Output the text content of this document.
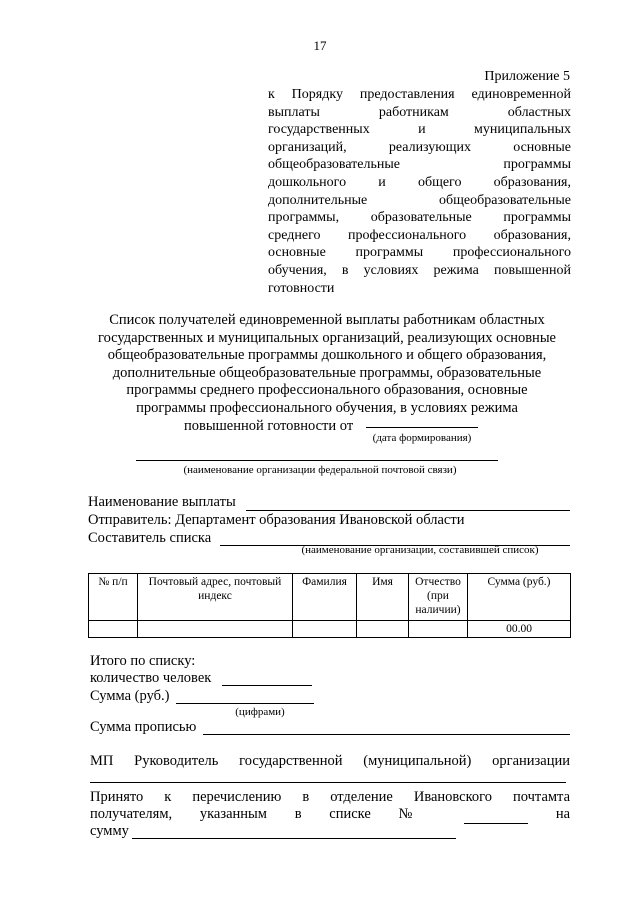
17
Приложение 5
к Порядку предоставления единовременной
выплаты работникам областных
государственных и муниципальных
организаций, реализующих основные
общеобразовательные программы
дошкольного и общего образования,
дополнительные общеобразовательные
программы, образовательные программы
среднего профессионального образования,
основные программы профессионального
обучения, в условиях режима повышенной
готовности
Список получателей единовременной выплаты работникам областных
государственных и муниципальных организаций, реализующих основные
общеобразовательные программы дошкольного и общего образования,
дополнительные общеобразовательные программы, образовательные
программы среднего профессионального образования, основные
программы профессионального обучения, в условиях режима
повышенной готовности от
(дата формирования)
(наименование организации федеральной почтовой связи)
Наименование выплаты
Отправитель: Департамент образования Ивановской области
Составитель списка
(наименование организации, составившей список)
№ п/п	Почтовый адрес, почтовый индекс	Фамилия	Имя	Отчество (при наличии)	Сумма (руб.)
					00.00
Итого по списку:
количество человек
Сумма (руб.)
(цифрами)
Сумма прописью
МП Руководитель государственной (муниципальной) организации
Принято к перечислению в отделение Ивановского почтамта
получателям, указанным в списке №	на
сумму
